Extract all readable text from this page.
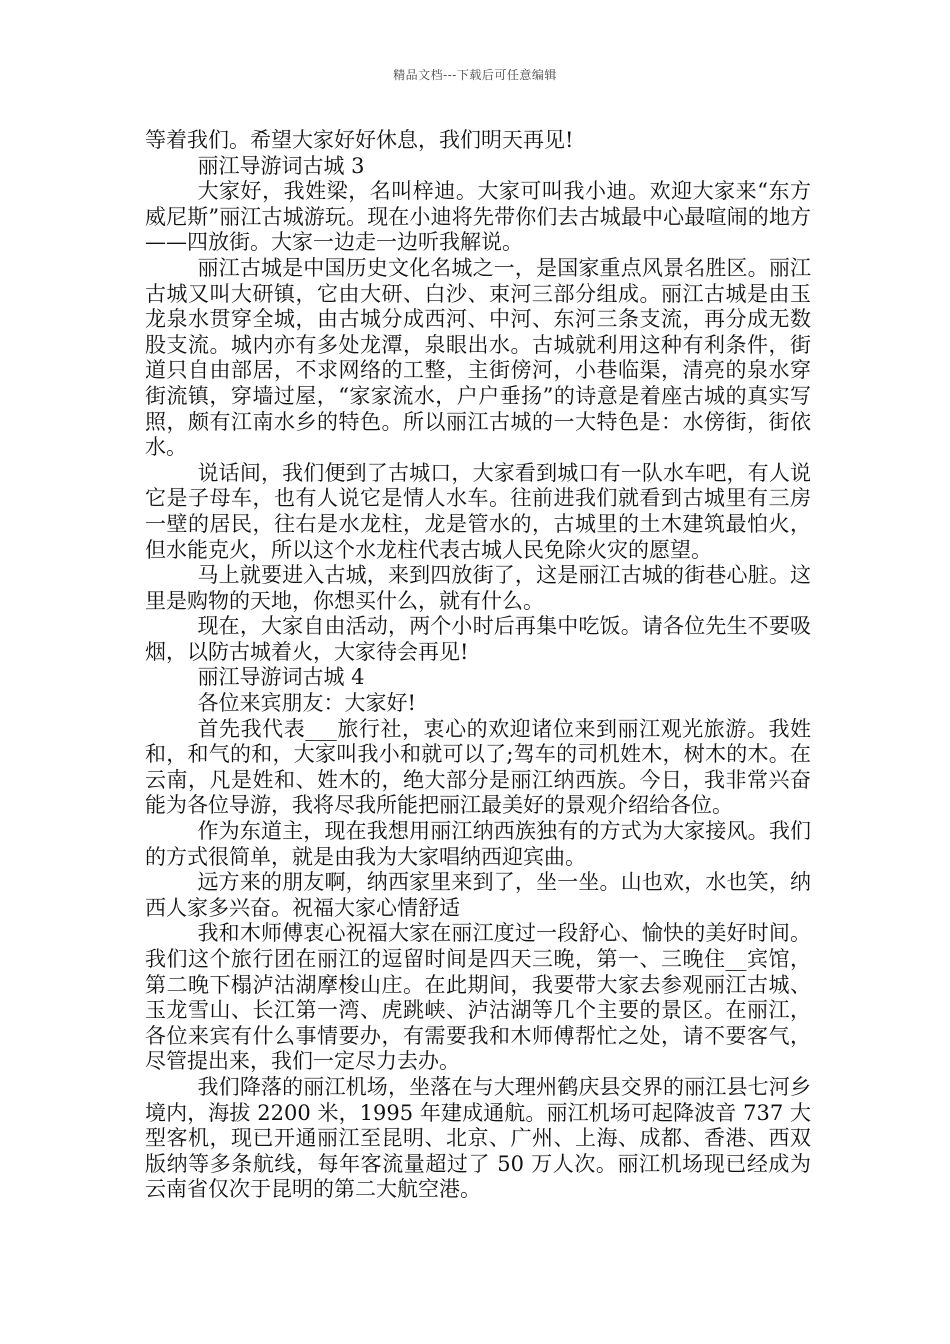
精品文档---下载后可任意编辑

等着我们。希望大家好好休息，我们明天再见!

丽江导游词古城 3

大家好，我姓梁，名叫梓迪。大家可叫我小迪。欢迎大家来“东方威尼斯”丽江古城游玩。现在小迪将先带你们去古城最中心最喧闹的地方——四放街。大家一边走一边听我解说。

丽江古城是中国历史文化名城之一，是国家重点风景名胜区。丽江古城又叫大研镇，它由大研、白沙、束河三部分组成。丽江古城是由玉龙泉水贯穿全城，由古城分成西河、中河、东河三条支流，再分成无数股支流。城内亦有多处龙潭，泉眼出水。古城就利用这种有利条件，街道只自由部居，不求网络的工整，主街傍河，小巷临渠，清亮的泉水穿街流镇，穿墙过屋，“家家流水，户户垂扬”的诗意是着座古城的真实写照，颇有江南水乡的特色。所以丽江古城的一大特色是：水傍街，街依水。

说话间，我们便到了古城口，大家看到城口有一队水车吧，有人说它是子母车，也有人说它是情人水车。往前进我们就看到古城里有三房一壁的居民，往右是水龙柱，龙是管水的，古城里的土木建筑最怕火，但水能克火，所以这个水龙柱代表古城人民免除火灾的愿望。

马上就要进入古城，来到四放街了，这是丽江古城的街巷心脏。这里是购物的天地，你想买什么，就有什么。

现在，大家自由活动，两个小时后再集中吃饭。请各位先生不要吸烟，以防古城着火，大家待会再见!

丽江导游词古城 4

各位来宾朋友：大家好!

首先我代表___旅行社，衷心的欢迎诸位来到丽江观光旅游。我姓和，和气的和，大家叫我小和就可以了;驾车的司机姓木，树木的木。在云南，凡是姓和、姓木的，绝大部分是丽江纳西族。今日，我非常兴奋能为各位导游，我将尽我所能把丽江最美好的景观介绍给各位。

作为东道主，现在我想用丽江纳西族独有的方式为大家接风。我们的方式很简单，就是由我为大家唱纳西迎宾曲。

远方来的朋友啊，纳西家里来到了，坐一坐。山也欢，水也笑，纳西人家多兴奋。祝福大家心情舒适

我和木师傅衷心祝福大家在丽江度过一段舒心、愉快的美好时间。我们这个旅行团在丽江的逗留时间是四天三晚，第一、三晚住__宾馆，第二晚下榻泸沽湖摩梭山庄。在此期间，我要带大家去参观丽江古城、玉龙雪山、长江第一湾、虎跳峡、泸沽湖等几个主要的景区。在丽江，各位来宾有什么事情要办，有需要我和木师傅帮忙之处，请不要客气，尽管提出来，我们一定尽力去办。

我们降落的丽江机场，坐落在与大理州鹤庆县交界的丽江县七河乡境内，海拔 2200 米，1995 年建成通航。丽江机场可起降波音 737 大型客机，现已开通丽江至昆明、北京、广州、上海、成都、香港、西双版纳等多条航线，每年客流量超过了 50 万人次。丽江机场现已经成为云南省仅次于昆明的第二大航空港。
